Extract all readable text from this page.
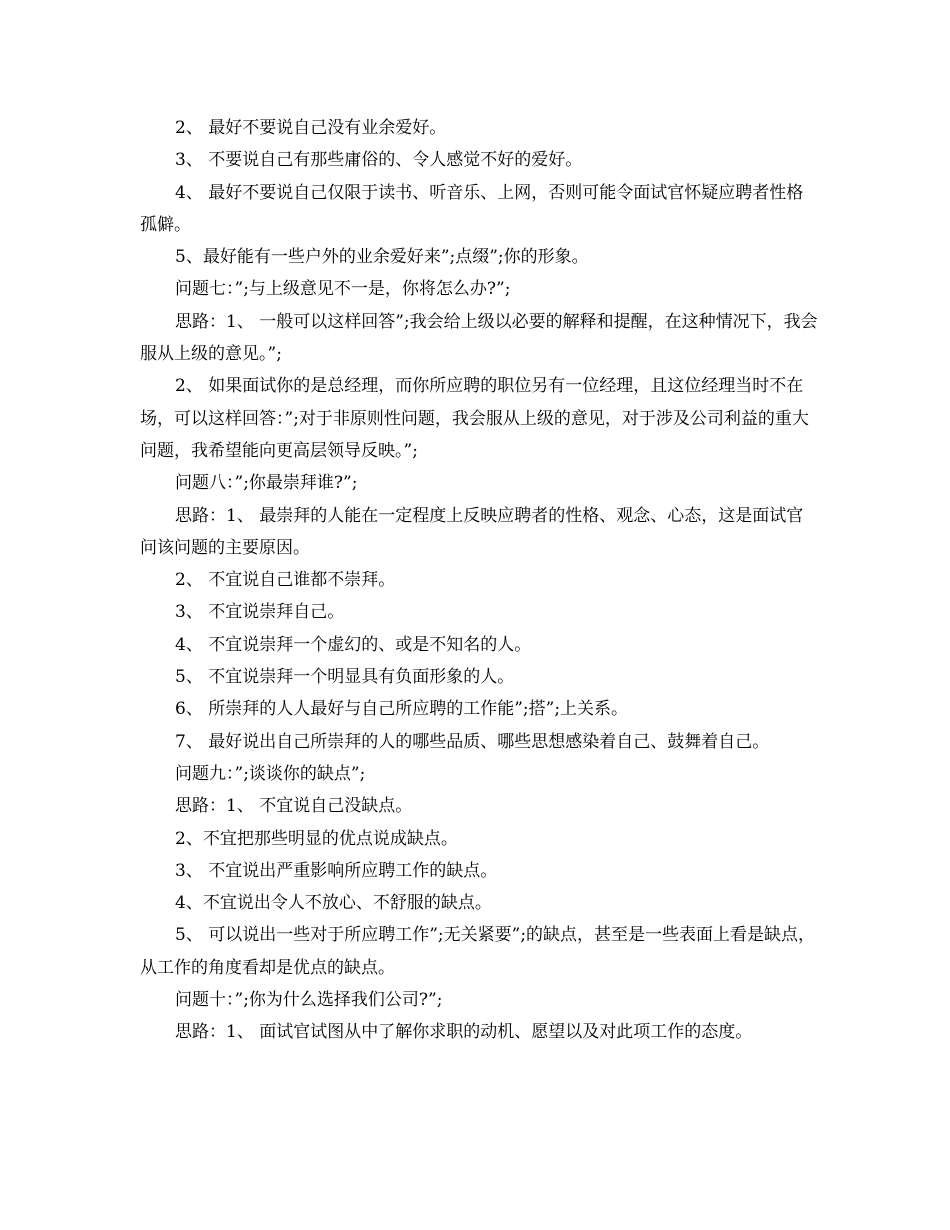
2、 最好不要说自己没有业余爱好。

3、 不要说自己有那些庸俗的、令人感觉不好的爱好。

4、 最好不要说自己仅限于读书、听音乐、上网，否则可能令面试官怀疑应聘者性格孤僻。

5、最好能有一些户外的业余爱好来”;点缀”;你的形象。

问题七：”;与上级意见不一是，你将怎么办?”;

思路：1、 一般可以这样回答”;我会给上级以必要的解释和提醒，在这种情况下，我会服从上级的意见。”;

2、 如果面试你的是总经理，而你所应聘的职位另有一位经理，且这位经理当时不在场，可以这样回答：”;对于非原则性问题，我会服从上级的意见，对于涉及公司利益的重大问题，我希望能向更高层领导反映。”;

问题八：”;你最崇拜谁?”;

思路：1、 最崇拜的人能在一定程度上反映应聘者的性格、观念、心态，这是面试官问该问题的主要原因。

2、 不宜说自己谁都不崇拜。

3、 不宜说崇拜自己。

4、 不宜说崇拜一个虚幻的、或是不知名的人。

5、 不宜说崇拜一个明显具有负面形象的人。

6、 所崇拜的人人最好与自己所应聘的工作能”;搭”;上关系。

7、 最好说出自己所崇拜的人的哪些品质、哪些思想感染着自己、鼓舞着自己。

问题九：”;谈谈你的缺点”;

思路：1、 不宜说自己没缺点。

2、不宜把那些明显的优点说成缺点。

3、 不宜说出严重影响所应聘工作的缺点。

4、不宜说出令人不放心、不舒服的缺点。

5、 可以说出一些对于所应聘工作”;无关紧要”;的缺点，甚至是一些表面上看是缺点，从工作的角度看却是优点的缺点。

问题十：”;你为什么选择我们公司?”;

思路：1、 面试官试图从中了解你求职的动机、愿望以及对此项工作的态度。
